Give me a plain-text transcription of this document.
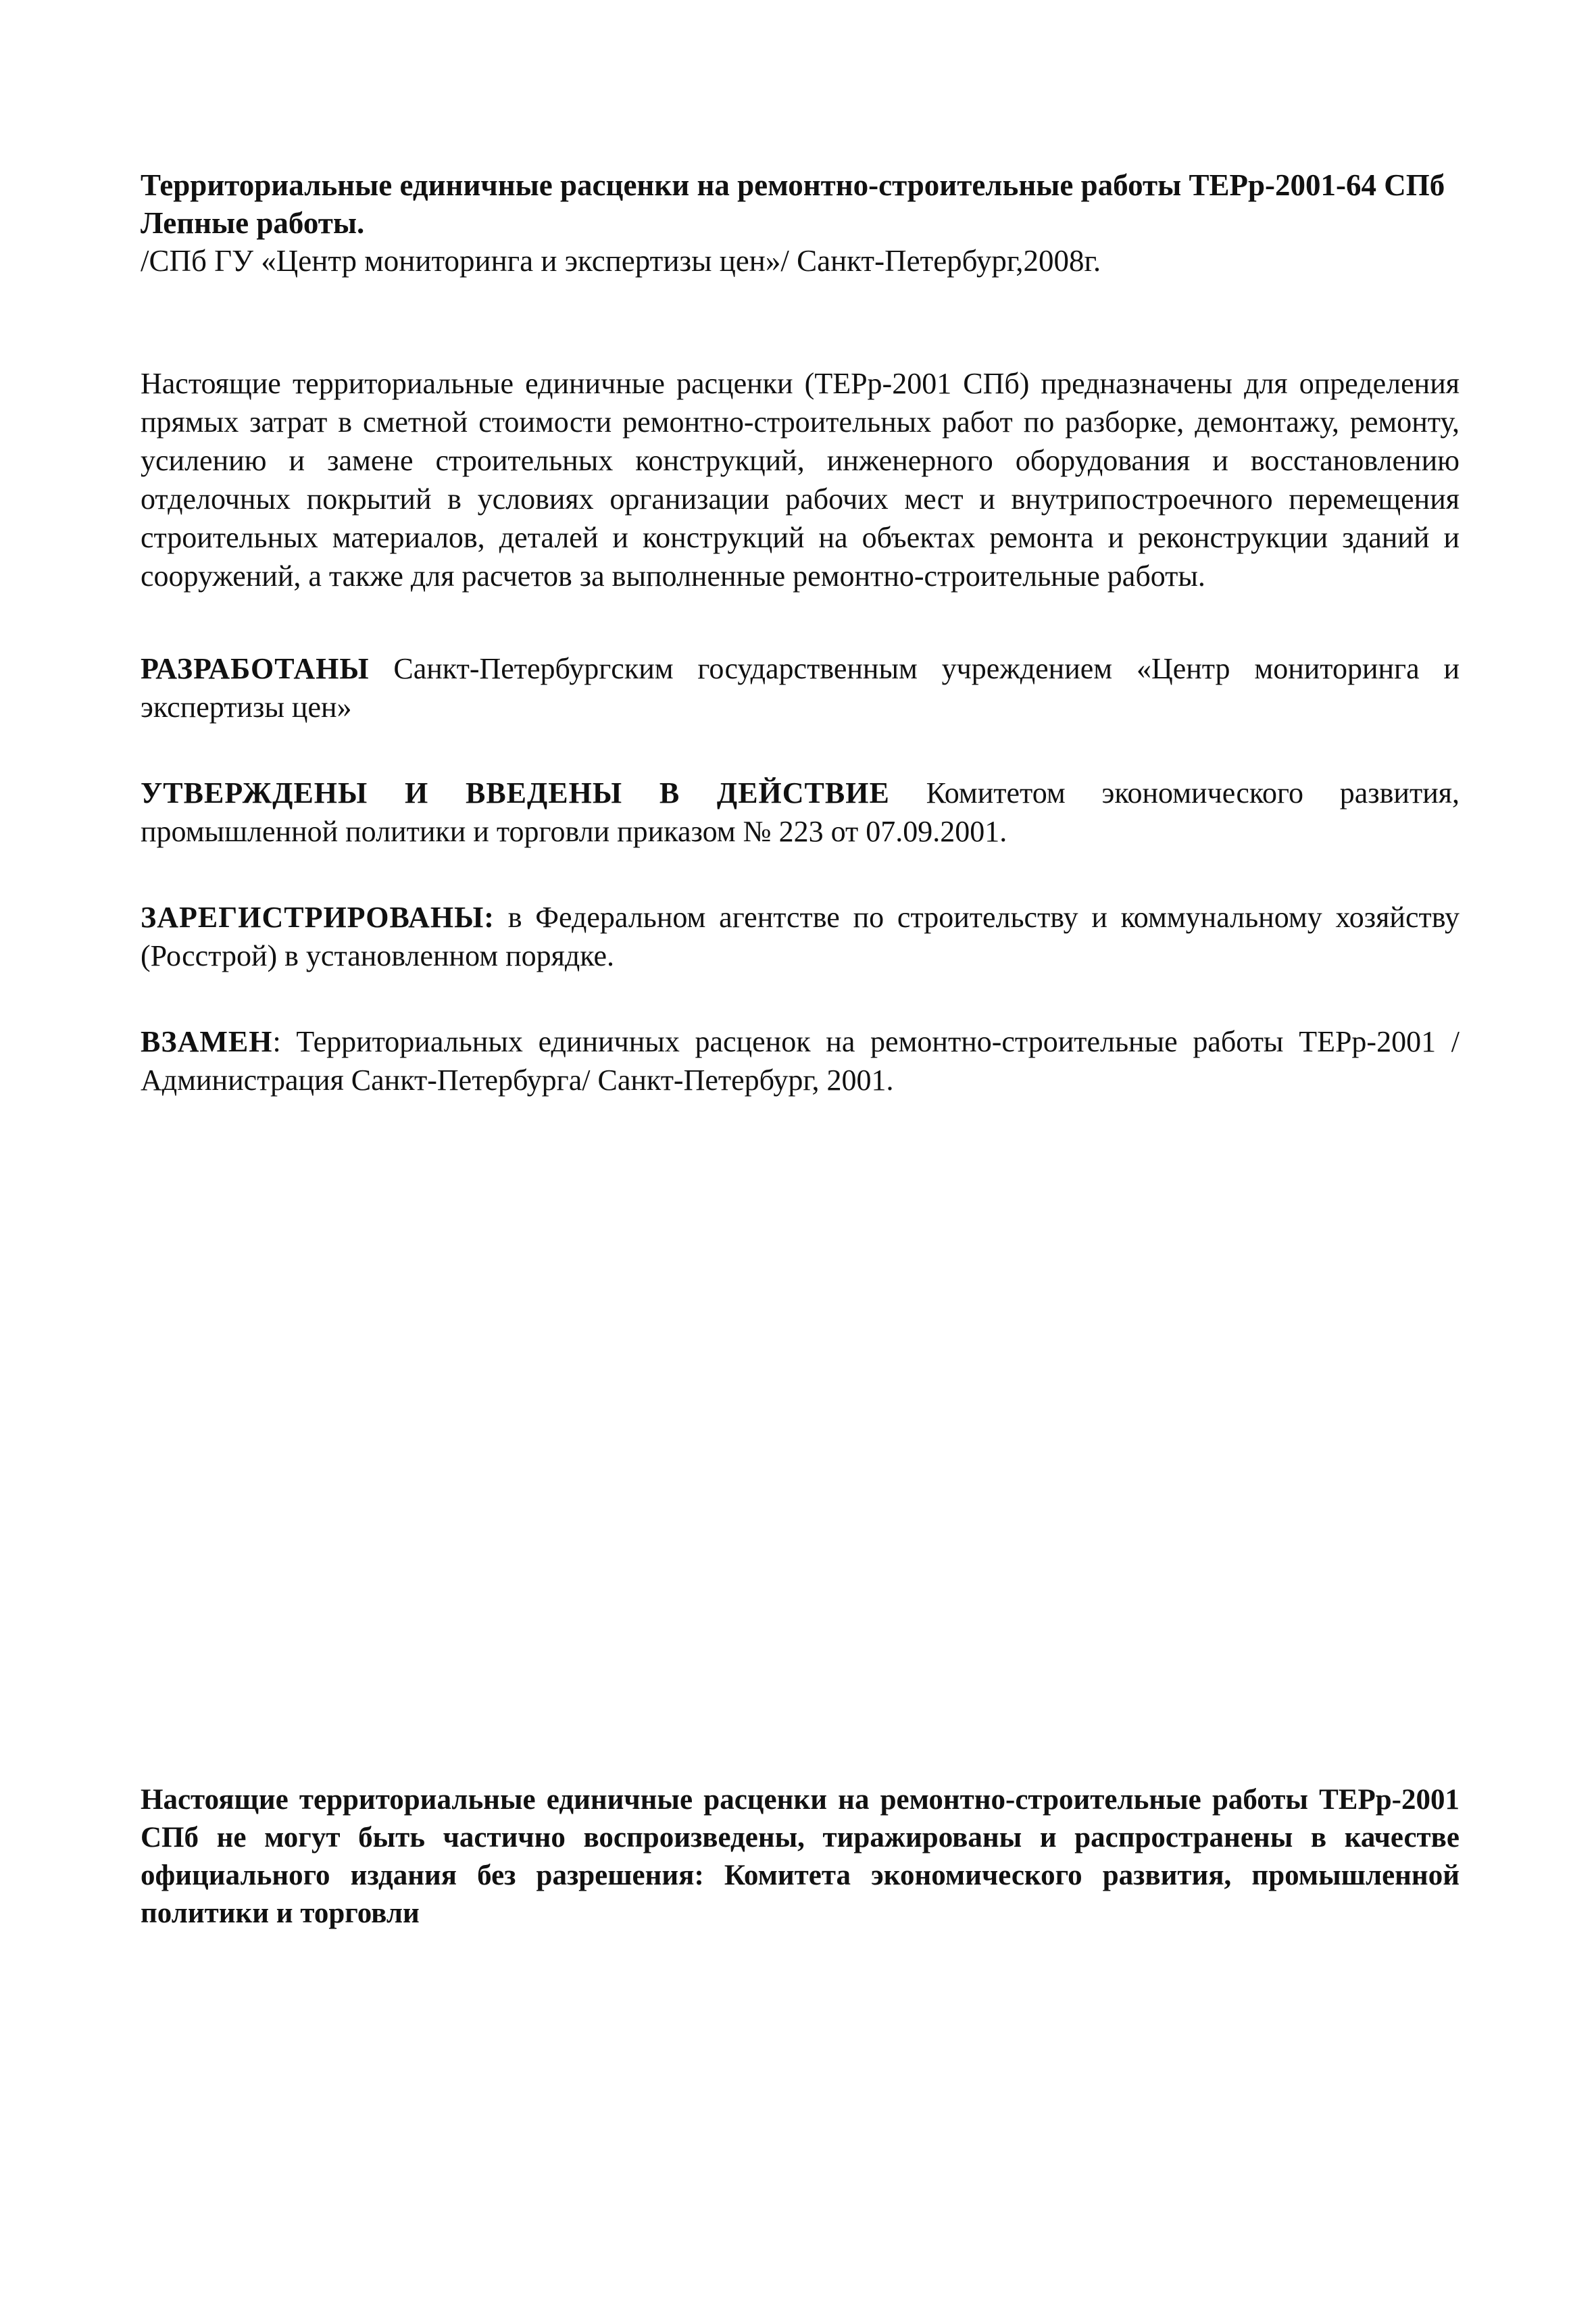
Территориальные единичные расценки на ремонтно-строительные работы ТЕРр-2001-64 СПб
Лепные работы.
/СПб ГУ «Центр мониторинга и экспертизы цен»/ Санкт-Петербург,2008г.

Настоящие территориальные единичные расценки (ТЕРр-2001 СПб) предназначены для определения прямых затрат в сметной стоимости ремонтно-строительных работ по разборке, демонтажу, ремонту, усилению и замене строительных конструкций, инженерного оборудования и восстановлению отделочных покрытий в условиях организации рабочих мест и внутрипостроечного перемещения строительных материалов, деталей и конструкций на объектах ремонта и реконструкции зданий и сооружений, а также для расчетов за выполненные ремонтно-строительные работы.

РАЗРАБОТАНЫ Санкт-Петербургским государственным учреждением «Центр мониторинга и экспертизы цен»

УТВЕРЖДЕНЫ И ВВЕДЕНЫ В ДЕЙСТВИЕ Комитетом экономического развития, промышленной политики и торговли приказом № 223 от 07.09.2001.

ЗАРЕГИСТРИРОВАНЫ: в Федеральном агентстве по строительству и коммунальному хозяйству (Росстрой) в установленном порядке.

ВЗАМЕН: Территориальных единичных расценок на ремонтно-строительные работы ТЕРр-2001 /Администрация Санкт-Петербурга/ Санкт-Петербург, 2001.

Настоящие территориальные единичные расценки на ремонтно-строительные работы ТЕРр-2001 СПб не могут быть частично воспроизведены, тиражированы и распространены в качестве официального издания без разрешения: Комитета экономического развития, промышленной политики и торговли
